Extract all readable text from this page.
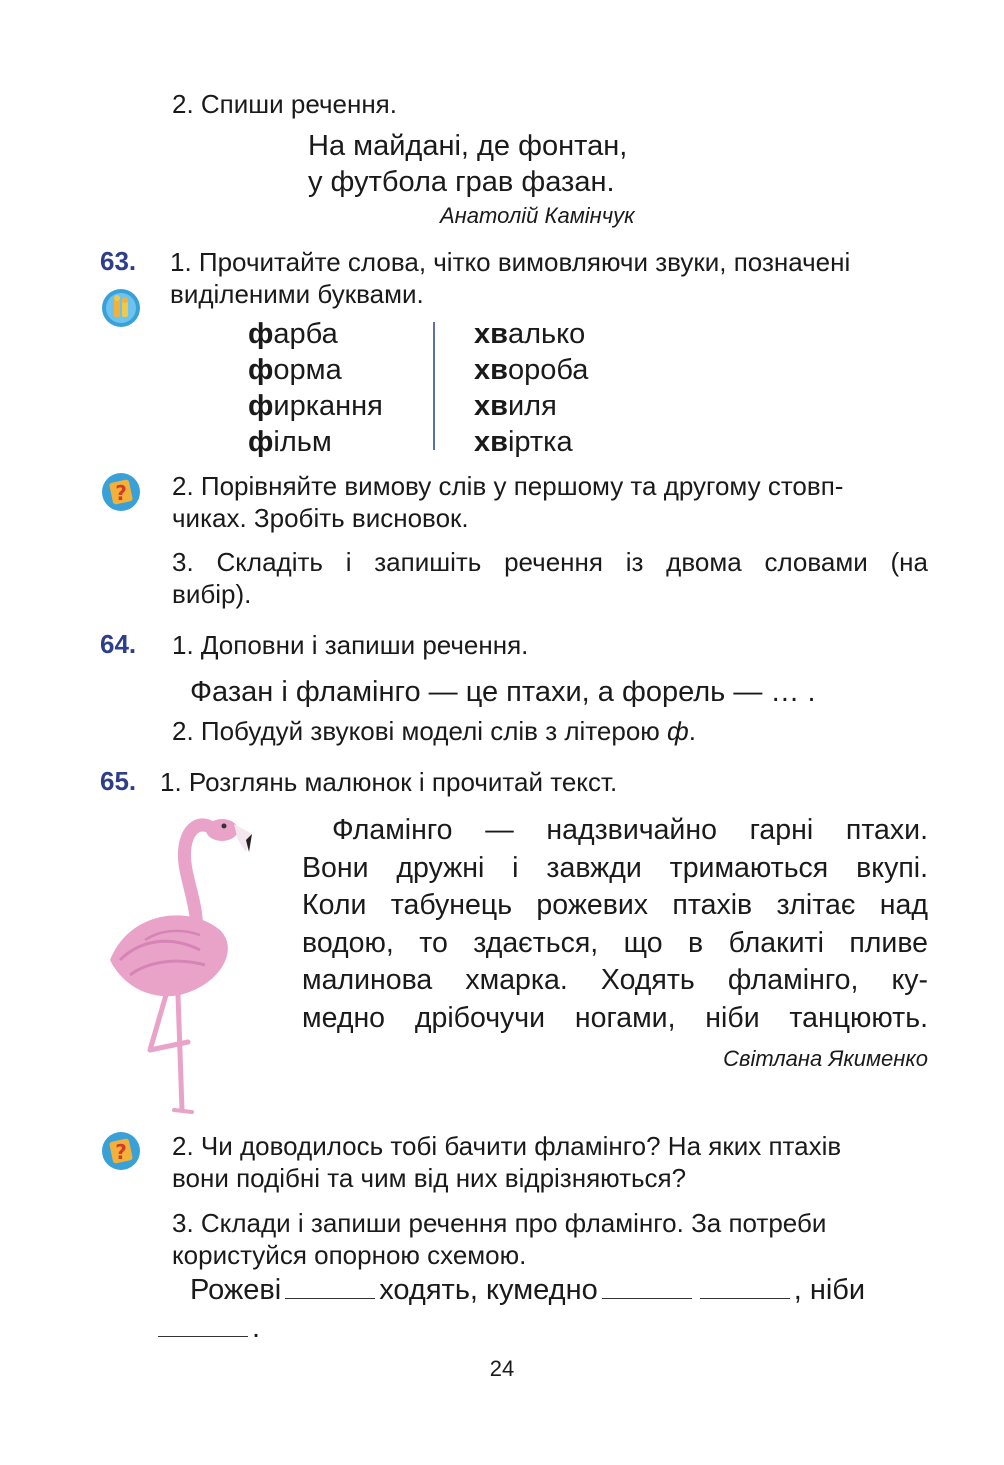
2. Спиши речення.
На майдані, де фонтан,
у футбола грав фазан.
Анатолій Камінчук
63. 1. Прочитайте слова, чітко вимовляючи звуки, позначені
виділеними буквами.
фарба
форма
фиркання
фільм
хвалько
хвороба
хвиля
хвіртка
? 2. Порівняйте вимову слів у першому та другому стовп-
чиках. Зробіть висновок.
3. Складіть і запишіть речення із двома словами (на
вибір).
64. 1. Доповни і запиши речення.
Фазан і фламінго — це птахи, а форель — … .
2. Побудуй звукові моделі слів з літерою ф.
65. 1. Розглянь малюнок і прочитай текст.
Фламінго — надзвичайно гарні птахи.
Вони дружні і завжди тримаються вкупі.
Коли табунець рожевих птахів злітає над
водою, то здається, що в блакиті пливе
малинова хмарка. Ходять фламінго, ку-
медно дрібочучи ногами, ніби танцюють.
Світлана Якименко
? 2. Чи доводилось тобі бачити фламінго? На яких птахів
вони подібні та чим від них відрізняються?
3. Склади і запиши речення про фламінго. За потреби
користуйся опорною схемою.
Рожеві	ходять, кумедно	, ніби
.
24
